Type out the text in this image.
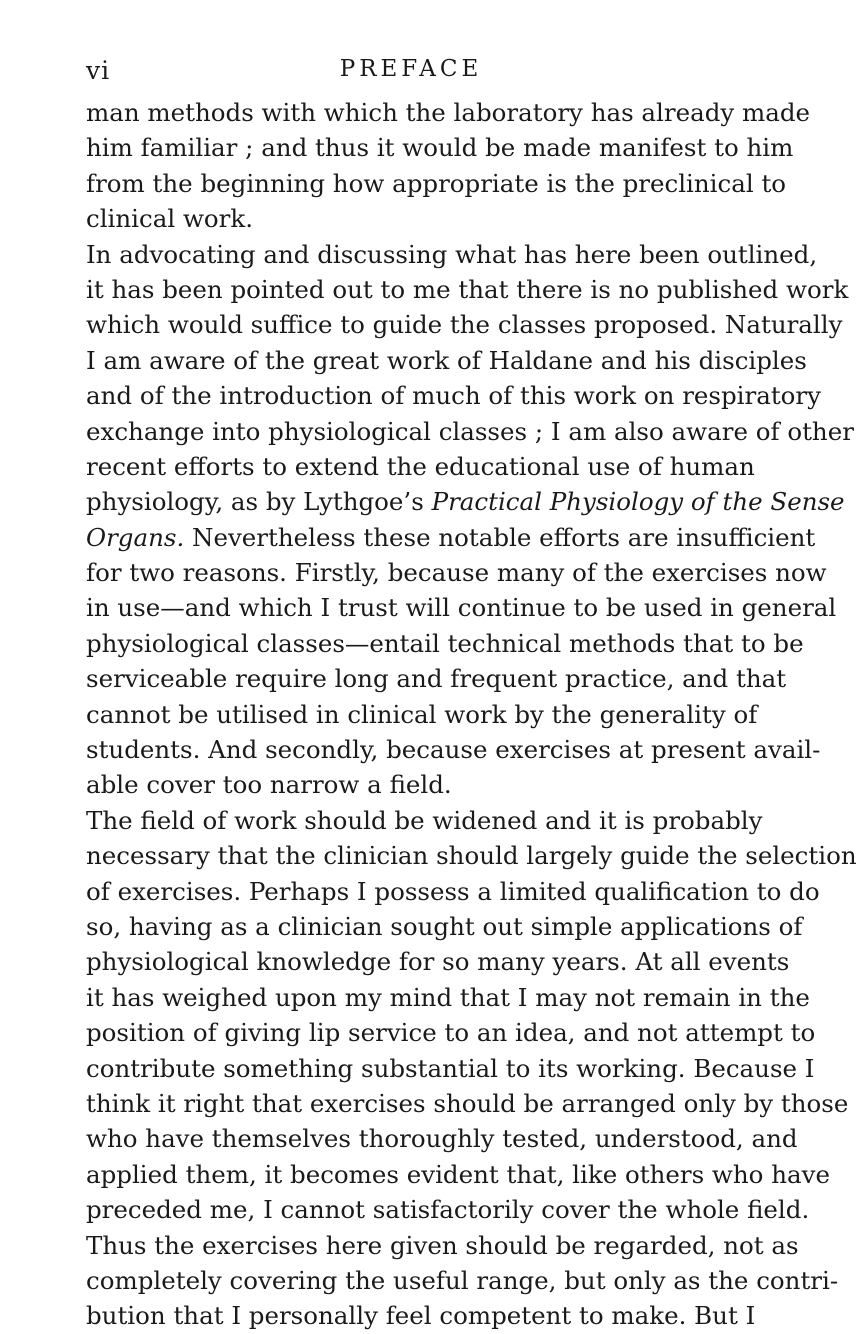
vi	PREFACE
man methods with which the laboratory has already made
him familiar ; and thus it would be made manifest to him
from the beginning how appropriate is the preclinical to
clinical work.
In advocating and discussing what has here been outlined,
it has been pointed out to me that there is no published work
which would suffice to guide the classes proposed. Naturally
I am aware of the great work of Haldane and his disciples
and of the introduction of much of this work on respiratory
exchange into physiological classes ; I am also aware of other
recent efforts to extend the educational use of human
physiology, as by Lythgoe’s Practical Physiology of the Sense
Organs. Nevertheless these notable efforts are insufficient
for two reasons. Firstly, because many of the exercises now
in use—and which I trust will continue to be used in general
physiological classes—entail technical methods that to be
serviceable require long and frequent practice, and that
cannot be utilised in clinical work by the generality of
students. And secondly, because exercises at present avail-
able cover too narrow a field.
The field of work should be widened and it is probably
necessary that the clinician should largely guide the selection
of exercises. Perhaps I possess a limited qualification to do
so, having as a clinician sought out simple applications of
physiological knowledge for so many years. At all events
it has weighed upon my mind that I may not remain in the
position of giving lip service to an idea, and not attempt to
contribute something substantial to its working. Because I
think it right that exercises should be arranged only by those
who have themselves thoroughly tested, understood, and
applied them, it becomes evident that, like others who have
preceded me, I cannot satisfactorily cover the whole field.
Thus the exercises here given should be regarded, not as
completely covering the useful range, but only as the contri-
bution that I personally feel competent to make. But I
